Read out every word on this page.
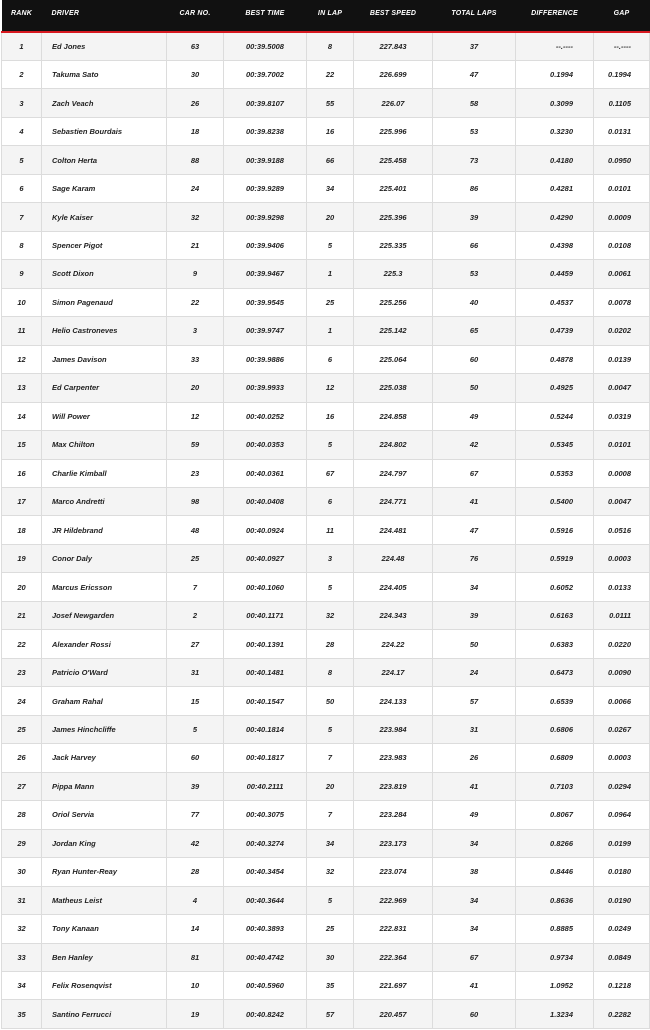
RANK	DRIVER	CAR NO.	BEST TIME	IN LAP	BEST SPEED	TOTAL LAPS	DIFFERENCE	GAP
1	Ed Jones	63	00:39.5008	8	227.843	37	--.----	--.----
2	Takuma Sato	30	00:39.7002	22	226.699	47	0.1994	0.1994
3	Zach Veach	26	00:39.8107	55	226.07	58	0.3099	0.1105
4	Sebastien Bourdais	18	00:39.8238	16	225.996	53	0.3230	0.0131
5	Colton Herta	88	00:39.9188	66	225.458	73	0.4180	0.0950
6	Sage Karam	24	00:39.9289	34	225.401	86	0.4281	0.0101
7	Kyle Kaiser	32	00:39.9298	20	225.396	39	0.4290	0.0009
8	Spencer Pigot	21	00:39.9406	5	225.335	66	0.4398	0.0108
9	Scott Dixon	9	00:39.9467	1	225.3	53	0.4459	0.0061
10	Simon Pagenaud	22	00:39.9545	25	225.256	40	0.4537	0.0078
11	Helio Castroneves	3	00:39.9747	1	225.142	65	0.4739	0.0202
12	James Davison	33	00:39.9886	6	225.064	60	0.4878	0.0139
13	Ed Carpenter	20	00:39.9933	12	225.038	50	0.4925	0.0047
14	Will Power	12	00:40.0252	16	224.858	49	0.5244	0.0319
15	Max Chilton	59	00:40.0353	5	224.802	42	0.5345	0.0101
16	Charlie Kimball	23	00:40.0361	67	224.797	67	0.5353	0.0008
17	Marco Andretti	98	00:40.0408	6	224.771	41	0.5400	0.0047
18	JR Hildebrand	48	00:40.0924	11	224.481	47	0.5916	0.0516
19	Conor Daly	25	00:40.0927	3	224.48	76	0.5919	0.0003
20	Marcus Ericsson	7	00:40.1060	5	224.405	34	0.6052	0.0133
21	Josef Newgarden	2	00:40.1171	32	224.343	39	0.6163	0.0111
22	Alexander Rossi	27	00:40.1391	28	224.22	50	0.6383	0.0220
23	Patricio O'Ward	31	00:40.1481	8	224.17	24	0.6473	0.0090
24	Graham Rahal	15	00:40.1547	50	224.133	57	0.6539	0.0066
25	James Hinchcliffe	5	00:40.1814	5	223.984	31	0.6806	0.0267
26	Jack Harvey	60	00:40.1817	7	223.983	26	0.6809	0.0003
27	Pippa Mann	39	00:40.2111	20	223.819	41	0.7103	0.0294
28	Oriol Servia	77	00:40.3075	7	223.284	49	0.8067	0.0964
29	Jordan King	42	00:40.3274	34	223.173	34	0.8266	0.0199
30	Ryan Hunter-Reay	28	00:40.3454	32	223.074	38	0.8446	0.0180
31	Matheus Leist	4	00:40.3644	5	222.969	34	0.8636	0.0190
32	Tony Kanaan	14	00:40.3893	25	222.831	34	0.8885	0.0249
33	Ben Hanley	81	00:40.4742	30	222.364	67	0.9734	0.0849
34	Felix Rosenqvist	10	00:40.5960	35	221.697	41	1.0952	0.1218
35	Santino Ferrucci	19	00:40.8242	57	220.457	60	1.3234	0.2282
